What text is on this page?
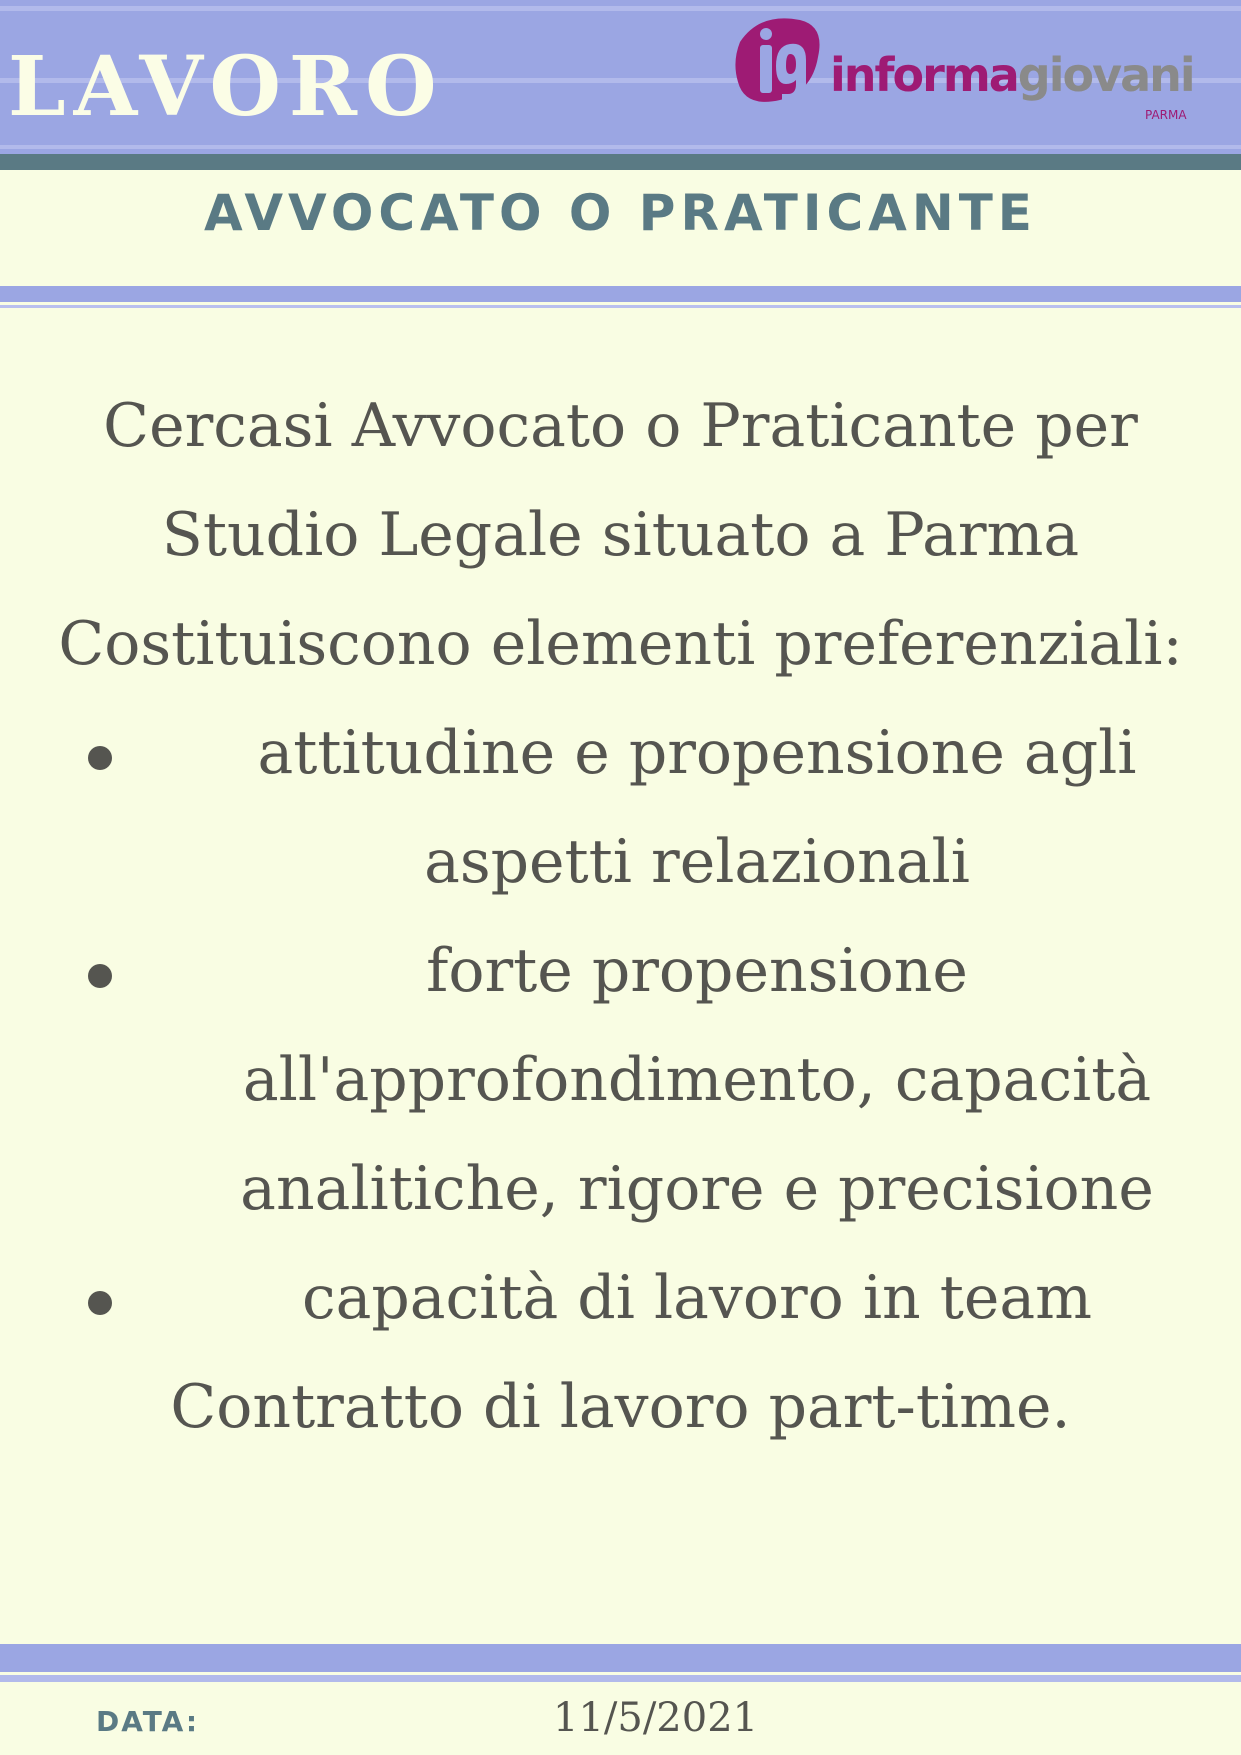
LAVORO	informagiovani
PARMA
AVVOCATO O PRATICANTE
Cercasi Avvocato o Praticante per
Studio Legale situato a Parma
Costituiscono elementi preferenziali:
attitudine e propensione agli
aspetti relazionali
forte propensione
all'approfondimento, capacità
analitiche, rigore e precisione
capacità di lavoro in team
Contratto di lavoro part-time.
DATA:	11/5/2021
